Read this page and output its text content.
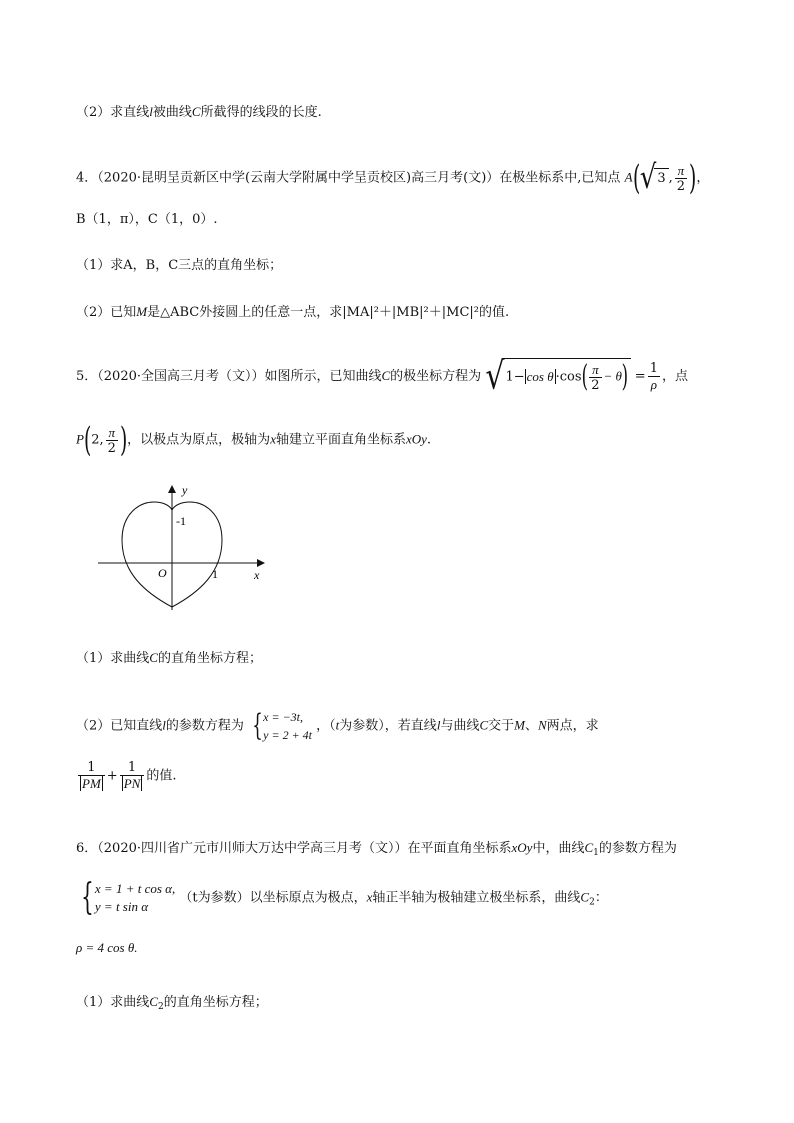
（2）求直线l被曲线C所截得的线段的长度.
4．（2020·昆明呈贡新区中学(云南大学附属中学呈贡校区)高三月考(文)）在极坐标系中,已知点 A(√3 , $\frac{\pi}{2}$ )，
B（1，π），C（1，0）.
（1）求A，B，C三点的直角坐标；
（2）已知M是△ABC外接圆上的任意一点，求|MA|²＋|MB|²＋|MC|²的值.
5．（2020·全国高三月考（文））如图所示，已知曲线C的极坐标方程为 $√1- \cos \theta \cdot\cos( \frac{\pi}{2} - \theta) = \frac{1}{\rho}$ ，点
P(2, $\frac{\pi}{2}$ )，以极点为原点，极轴为x轴建立平面直角坐标系xOy.
y
x
O	1
-1
（1）求曲线C的直角坐标方程；
（2）已知直线l的参数方程为 { x = −3t,
y = 2 + 4t
，（t为参数），若直线l与曲线C交于M、N两点，求
$\frac{1}{PM} + \frac{1}{PN}$ 的值.
6．（2020·四川省广元市川师大万达中学高三月考（文））在平面直角坐标系xOy中，曲线$C_1$的参数方程为
{ x = 1 + t cos α,
y = t sin α
（t为参数）以坐标原点为极点，x轴正半轴为极轴建立极坐标系，曲线$C_2$：
ρ = 4 cos θ.
（1）求曲线$C_2$的直角坐标方程；
